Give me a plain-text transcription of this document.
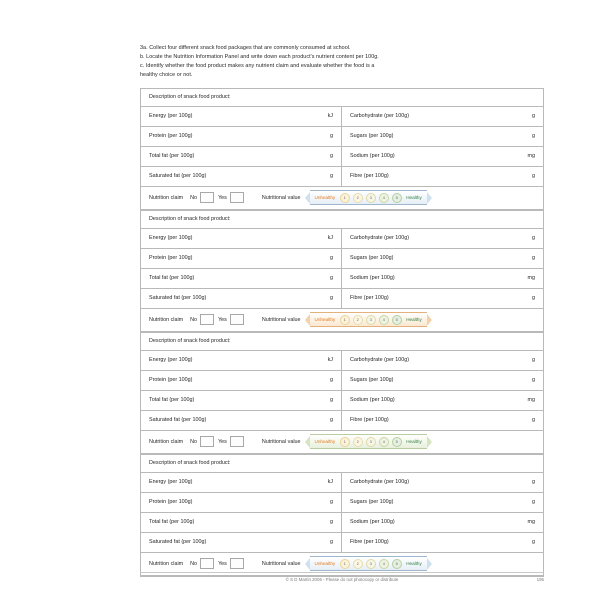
3a. Collect four different snack food packages that are commonly consumed at school.
b. Locate the Nutrition Information Panel and write down each product's nutrient content per 100g.
c. Identify whether the food product makes any nutrient claim and evaluate whether the food is a
healthy choice or not.
Description of snack food product:
Energy (per 100g)	kJ	Carbohydrate (per 100g)	g
Protein (per 100g)	g	Sugars (per 100g)	g
Total fat (per 100g)	g	Sodium (per 100g)	mg
Saturated fat (per 100g)	g	Fibre (per 100g)	g
Nutrition claim No	Yes	Nutritional value	Unhealthy	1	2	3	4	5	Healthy
Description of snack food product:
Energy (per 100g)	kJ	Carbohydrate (per 100g)	g
Protein (per 100g)	g	Sugars (per 100g)	g
Total fat (per 100g)	g	Sodium (per 100g)	mg
Saturated fat (per 100g)	g	Fibre (per 100g)	g
Nutrition claim No	Yes	Nutritional value	Unhealthy	1	2	3	4	5	Healthy
Description of snack food product:
Energy (per 100g)	kJ	Carbohydrate (per 100g)	g
Protein (per 100g)	g	Sugars (per 100g)	g
Total fat (per 100g)	g	Sodium (per 100g)	mg
Saturated fat (per 100g)	g	Fibre (per 100g)	g
Nutrition claim No	Yes	Nutritional value	Unhealthy	1	2	3	4	5	Healthy
Description of snack food product:
Energy (per 100g)	kJ	Carbohydrate (per 100g)	g
Protein (per 100g)	g	Sugars (per 100g)	g
Total fat (per 100g)	g	Sodium (per 100g)	mg
Saturated fat (per 100g)	g	Fibre (per 100g)	g
Nutrition claim No	Yes	Nutritional value	Unhealthy	1	2	3	4	5	Healthy
© S D Martin 2006 - Please do not photocopy or distribute	195
